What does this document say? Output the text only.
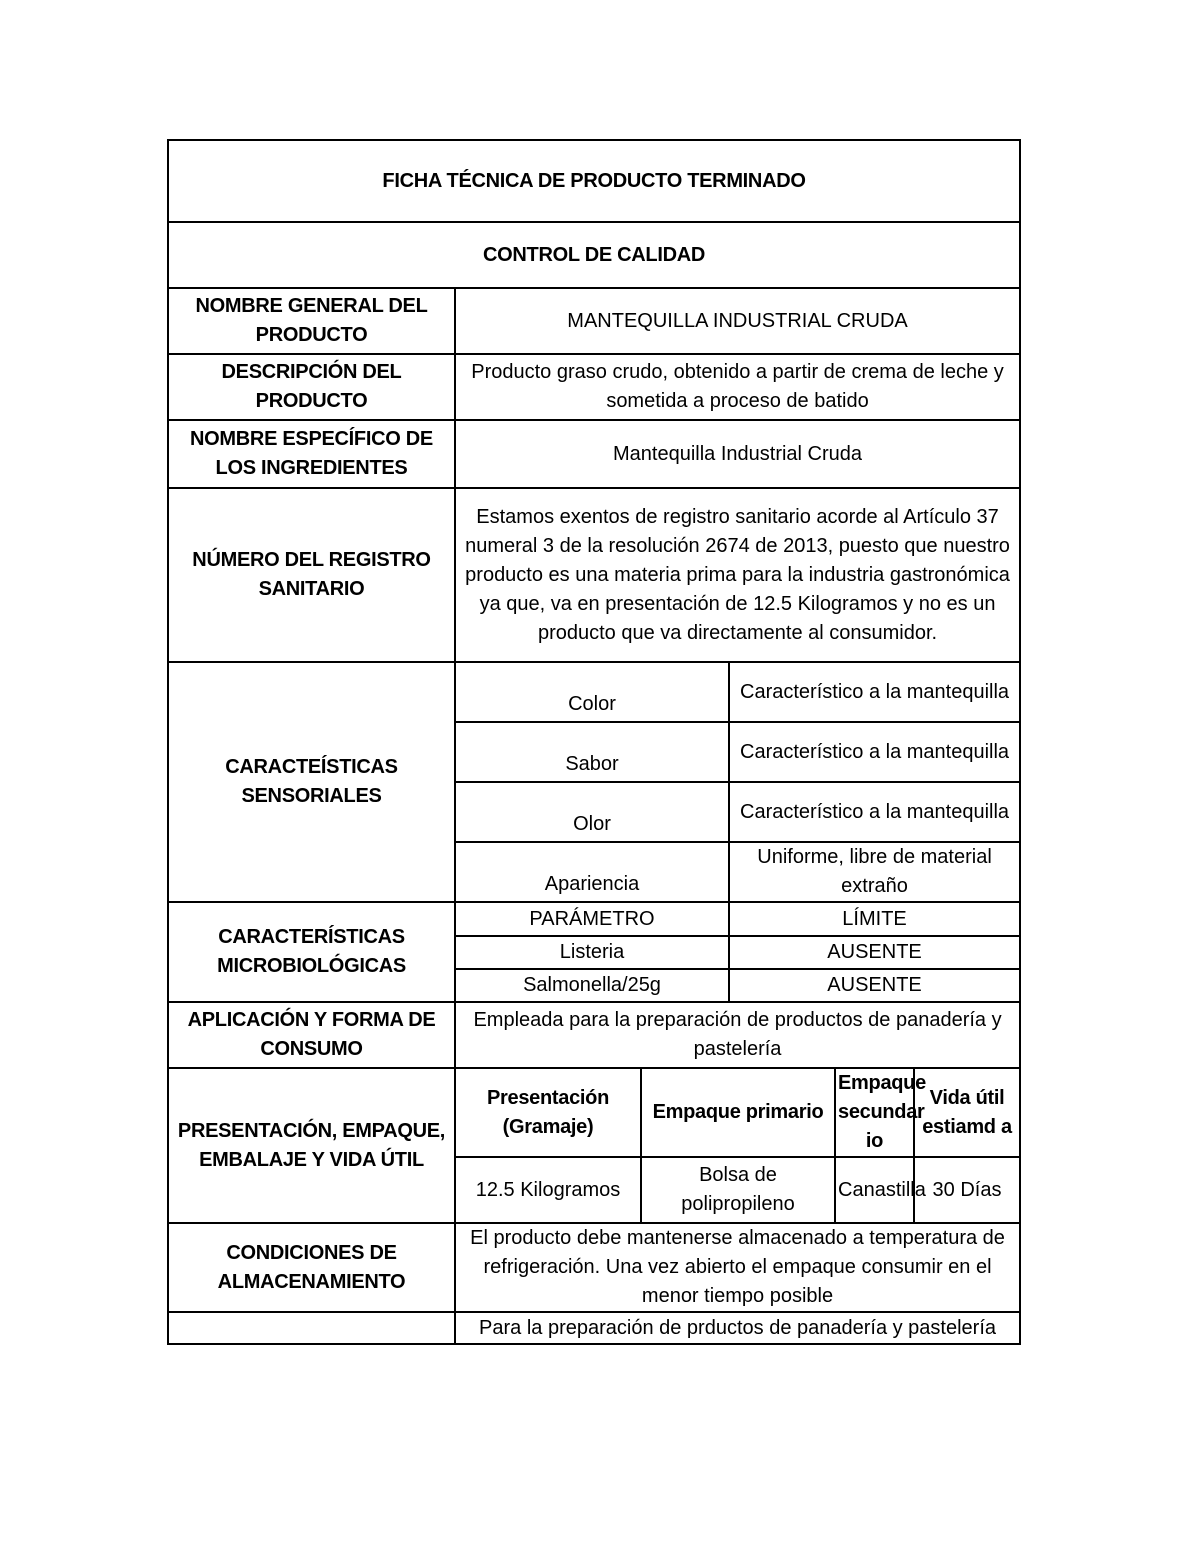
FICHA TÉCNICA DE PRODUCTO TERMINADO					
CONTROL DE CALIDAD					
NOMBRE GENERAL DEL PRODUCTO	MANTEQUILLA INDUSTRIAL CRUDA				
DESCRIPCIÓN DEL PRODUCTO	Producto graso crudo, obtenido a partir de crema de leche y sometida a proceso de batido				
NOMBRE ESPECÍFICO DE LOS INGREDIENTES	Mantequilla Industrial Cruda				
NÚMERO DEL REGISTRO SANITARIO	Estamos exentos de registro sanitario acorde al Artículo 37 numeral 3 de la resolución 2674 de 2013, puesto que nuestro producto es una materia prima para la industria gastronómica ya que, va en presentación de 12.5 Kilogramos y no es un producto que va directamente al consumidor.				
CARACTEÍSTICAS SENSORIALES	Color		Característico a la mantequilla		
	Sabor		Característico a la mantequilla		
	Olor		Característico a la mantequilla		
	Apariencia		Uniforme, libre de material extraño		
CARACTERÍSTICAS MICROBIOLÓGICAS	PARÁMETRO		LÍMITE		
	Listeria		AUSENTE		
	Salmonella/25g		AUSENTE		
APLICACIÓN Y FORMA DE CONSUMO	Empleada para la preparación de productos de panadería y pastelería				
PRESENTACIÓN, EMPAQUE, EMBALAJE Y VIDA ÚTIL	Presentación (Gramaje)	Empaque primario		Empaque secundar io	Vida útil estiamd a
	12.5 Kilogramos	Bolsa de polipropileno		Canastilla	30 Días
CONDICIONES DE ALMACENAMIENTO	El producto debe mantenerse almacenado a temperatura de refrigeración. Una vez abierto el empaque consumir en el menor tiempo posible				
	Para la preparación de prductos de panadería y pastelería				
